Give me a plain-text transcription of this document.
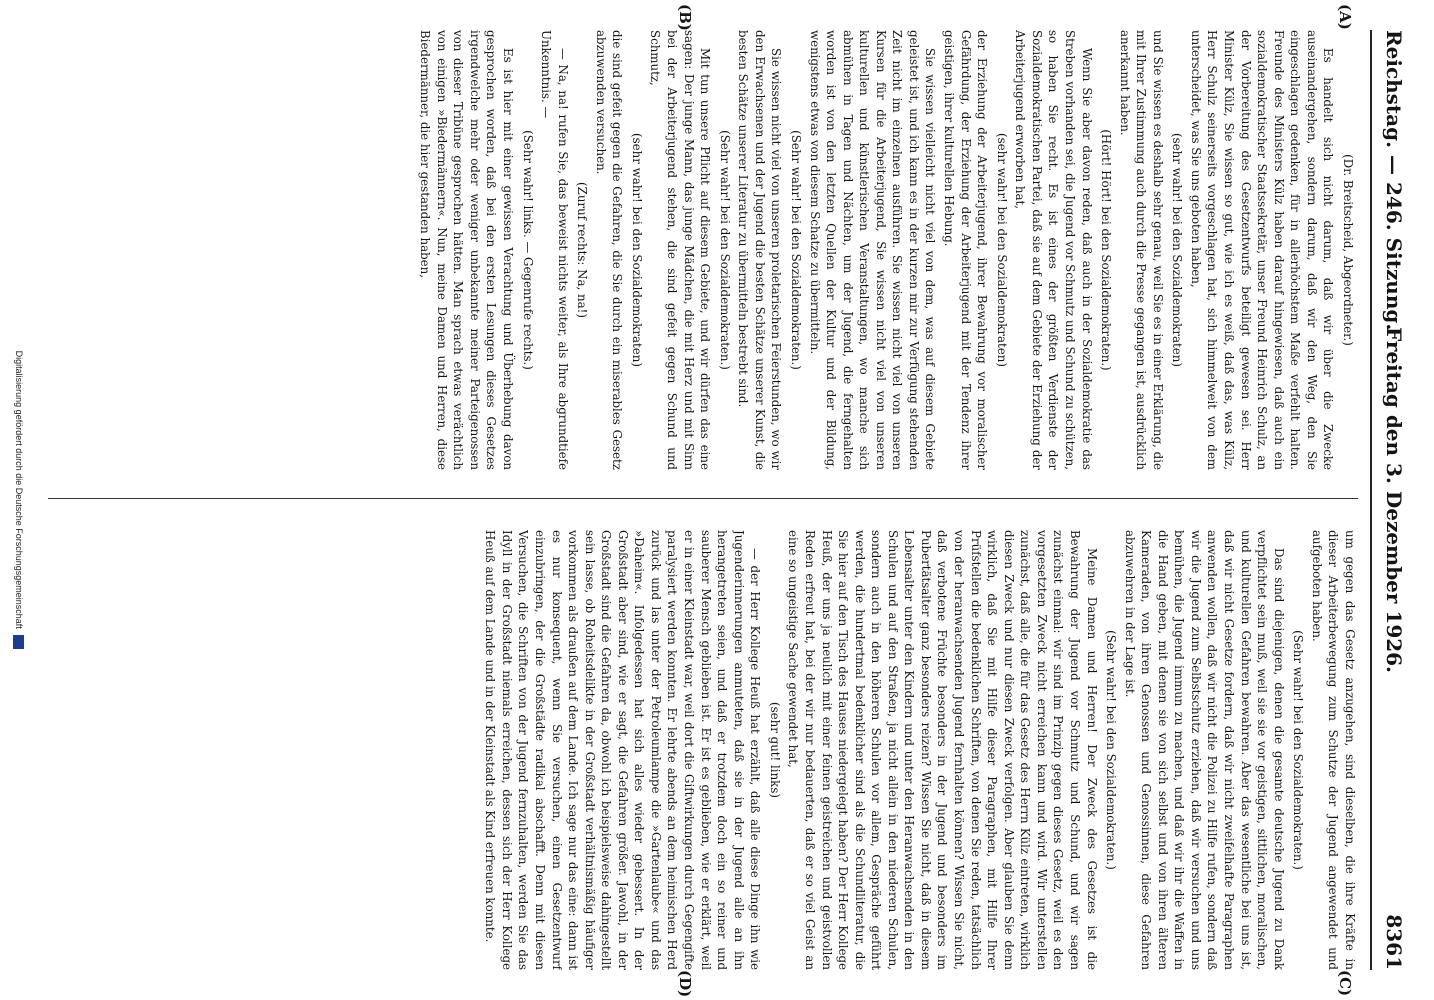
Reichstag. — 246. Sitzung.
Freitag den 3. Dezember 1926.
8361
(A)
(B)
(C)
(D)

(Dr. Breitscheid, Abgeordneter.)

Es handelt sich nicht darum, daß wir über die Zwecke auseinandergehen, sondern darum, daß wir den Weg, den Sie eingeschlagen gedenken, für in allerhöchstem Maße verfehlt halten. Freunde des Ministers Külz haben darauf hingewiesen, daß auch ein sozialdemokratischer Staatssekretär, unser Freund Heinrich Schulz, an der Vorbereitung des Gesetzentwurfs beteiligt gewesen sei. Herr Minister Külz, Sie wissen so gut, wie ich es weiß, daß das, was Külz, Herr Schulz seinerseits vorgeschlagen hat, sich himmelweit von dem unterscheidet, was Sie uns geboten haben,

(sehr wahr! bei den Sozialdemokraten)

und Sie wissen es deshalb sehr genau, weil Sie es in einer Erklärung, die mit Ihrer Zustimmung auch durch die Presse gegangen ist, ausdrücklich anerkannt haben.

(Hört! Hört! bei den Sozialdemokraten.)

Wenn Sie aber davon reden, daß auch in der Sozialdemokratie das Streben vorhanden sei, die Jugend vor Schmutz und Schund zu schützen, so haben Sie recht. Es ist eines der größten Verdienste der Sozialdemokratischen Partei, daß sie auf dem Gebiete der Erziehung der Arbeiterjugend erworben hat,

(sehr wahr! bei den Sozialdemokraten)

der Erziehung der Arbeiterjugend, ihrer Bewahrung vor moralischer Gefährdung, der Erziehung der Arbeiterjugend mit der Tendenz ihrer geistigen, ihrer kulturellen Hebung.

Sie wissen vielleicht nicht viel von dem, was auf diesem Gebiete geleistet ist, und ich kann es in der kurzen mir zur Verfügung stehenden Zeit nicht im einzelnen ausführen. Sie wissen nicht viel von unseren Kursen für die Arbeiterjugend, Sie wissen nicht viel von unseren kulturellen und künstlerischen Veranstaltungen, wo manche sich abmühen in Tagen und Nächten, um der Jugend, die ferngehalten worden ist von den letzten Quellen der Kultur und der Bildung, wenigstens etwas von diesem Schatze zu übermitteln.

(Sehr wahr! bei den Sozialdemokraten.)

Sie wissen nicht viel von unseren proletarischen Feierstunden, wo wir den Erwachsenen und der Jugend die besten Schätze unserer Kunst, die besten Schätze unserer Literatur zu übermitteln bestrebt sind.

(Sehr wahr! bei den Sozialdemokraten.)

Mit tun unsere Pflicht auf diesem Gebiete, und wir dürfen das eine sagen: Der junge Mann, das junge Mädchen, die mit Herz und mit Sinn bei der Arbeiterjugend stehen, die sind gefeit gegen Schund und Schmutz,

(sehr wahr! bei den Sozialdemokraten)

die sind gefeit gegen die Gefahren, die Sie durch ein miserables Gesetz abzuwenden versuchen.

(Zuruf rechts: Na, na!)

— Na, na! rufen Sie, das beweist nichts weiter, als Ihre abgrundtiefe Unkenntnis. —

(Sehr wahr! links. — Gegenrufe rechts.)

Es ist hier mit einer gewissen Verachtung und Überhebung davon gesprochen worden, daß bei den ersten Lesungen dieses Gesetzes irgendwelche mehr oder weniger unbekannte meiner Parteigenossen von dieser Tribüne gesprochen hätten. Man sprach etwas verächtlich von einigen »Biedermännern«. Nun, meine Damen und Herren, diese Biedermänner, die hier gestanden haben,

um gegen das Gesetz anzugehen, sind dieselben, die ihre Kräfte in dieser Arbeiterbewegung zum Schutze der Jugend angewendet und aufgeboten haben.

(Sehr wahr! bei den Sozialdemokraten.)

Das sind diejenigen, denen die gesamte deutsche Jugend zu Dank verpflichtet sein muß, weil sie sie vor geistigen, sittlichen, moralischen, und kulturellen Gefahren bewahren. Aber das wesentliche bei uns ist, daß wir nicht Gesetze fordern, daß wir nicht zweifelhafte Paragraphen anwenden wollen, daß wir nicht die Polizei zu Hilfe rufen, sondern daß wir die Jugend zum Selbstschutz erziehen, daß wir versuchen und uns bemühen, die Jugend immun zu machen, und daß wir ihr die Waffen in die Hand geben, mit denen sie von sich selbst und von ihren älteren Kameraden, von ihren Genossen und Genossinnen, diese Gefahren abzuwehren in der Lage ist.

(Sehr wahr! bei den Sozialdemokraten.)

Meine Damen und Herren! Der Zweck des Gesetzes ist die Bewahrung der Jugend vor Schmutz und Schund, und wir sagen zunächst einmal: wir sind im Prinzip gegen dieses Gesetz, weil es den vorgesetzten Zweck nicht erreichen kann und wird. Wir unterstellen zunächst, daß alle, die für das Gesetz des Herrn Külz eintreten, wirklich diesen Zweck und nur diesen Zweck verfolgen. Aber glauben Sie denn wirklich, daß Sie mit Hilfe dieser Paragraphen, mit Hilfe Ihrer Prüfstellen die bedenklichen Schriften, von denen Sie reden, tatsächlich von der heranwachsenden Jugend fernhalten können? Wissen Sie nicht, daß verbotene Früchte besonders in der Jugend und besonders im Pubertätsalter ganz besonders reizen? Wissen Sie nicht, daß in diesem Lebensalter unter den Kindern und unter den Heranwachsenden in den Schulen und auf den Straßen, ja nicht allein in den niederen Schulen, sondern auch in den höheren Schulen vor allem, Gespräche geführt werden, die hundertmal bedenklicher sind als die Schundliteratur, die Sie hier auf den Tisch des Hauses niedergelegt haben? Der Herr Kollege Heuß, der uns ja neulich mit einer feinen geistreichen und geistvollen Reden erfreut hat, bei der wir nur bedauerten, daß er so viel Geist an eine so ungeistige Sache gewendet hat,

(sehr gut! links)

— der Herr Kollege Heuß hat erzählt, daß alle diese Dinge ihn wie Jugenderinnerungen anmuteten, daß sie in der Jugend alle an ihn herangetreten seien, und daß er trotzdem doch ein so reiner und sauberer Mensch geblieben ist. Er ist es geblieben, wie er erklärt, weil er in einer Kleinstadt war, weil dort die Giftwirkungen durch Gegengifte paralysiert werden konnten. Er lehrte abends an dem heimischen Herd zurück und las unter der Petroleumlampe die »Gartenlaube« und das »Daheim«. Infolgedessen hat sich alles wieder gebessert. In der Großstadt aber sind, wie er sagt, die Gefahren größer. Jawohl, in der Großstadt sind die Gefahren da, obwohl ich beispielsweise dahingestellt sein lasse, ob Roheitsdelikte in der Großstadt verhältnismäßig häufiger vorkommen als draußen auf dem Lande. Ich sage nur das eine: dann ist es nur konsequent, wenn Sie versuchen, einen Gesetzentwurf einzubringen, der die Großstädte radikal abschafft. Denn mit diesen Versuchen, die Schriften von der Jugend fernzuhalten, werden Sie das Idyll in der Großstadt niemals erreichen, dessen sich der Herr Kollege Heuß auf dem Lande und in der Kleinstadt als Kind erfreuen konnte.

Digitalisierung gefördert durch die Deutsche Forschungsgemeinschaft
